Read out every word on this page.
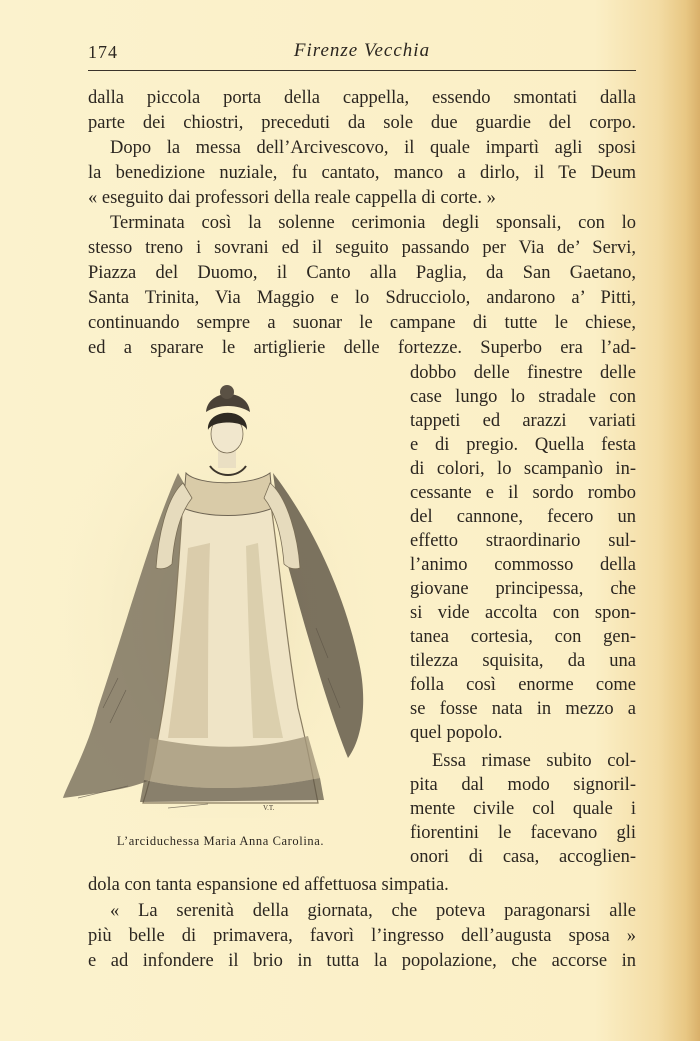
174	Firenze Vecchia
dalla piccola porta della cappella, essendo smontati dalla
parte dei chiostri, preceduti da sole due guardie del corpo.
Dopo la messa dell’Arcivescovo, il quale impartì agli sposi
la benedizione nuziale, fu cantato, manco a dirlo, il Te Deum
« eseguito dai professori della reale cappella di corte. »
Terminata così la solenne cerimonia degli sponsali, con lo
stesso treno i sovrani ed il seguito passando per Via de’ Servi,
Piazza del Duomo, il Canto alla Paglia, da San Gaetano,
Santa Trinita, Via Maggio e lo Sdrucciolo, andarono a’ Pitti,
continuando sempre a suonar le campane di tutte le chiese,
ed a sparare le artiglierie delle fortezze. Superbo era l’ad-
dobbo delle finestre delle
case lungo lo stradale con
tappeti ed arazzi variati
e di pregio. Quella festa
di colori, lo scampanìo in-
cessante e il sordo rombo
del cannone, fecero un
effetto straordinario sul-
l’animo commosso della
giovane principessa, che
si vide accolta con spon-
tanea cortesia, con gen-
tilezza squisita, da una
folla così enorme come
se fosse nata in mezzo a
quel popolo.
Essa rimase subito col-
pita dal modo signoril-
mente civile col quale i
fiorentini le facevano gli
onori di casa, accoglien-
dola con tanta espansione ed affettuosa simpatia.
« La serenità della giornata, che poteva paragonarsi alle
più belle di primavera, favorì l’ingresso dell’augusta sposa »
e ad infondere il brio in tutta la popolazione, che accorse in
V.T.
L’arciduchessa Maria Anna Carolina.
